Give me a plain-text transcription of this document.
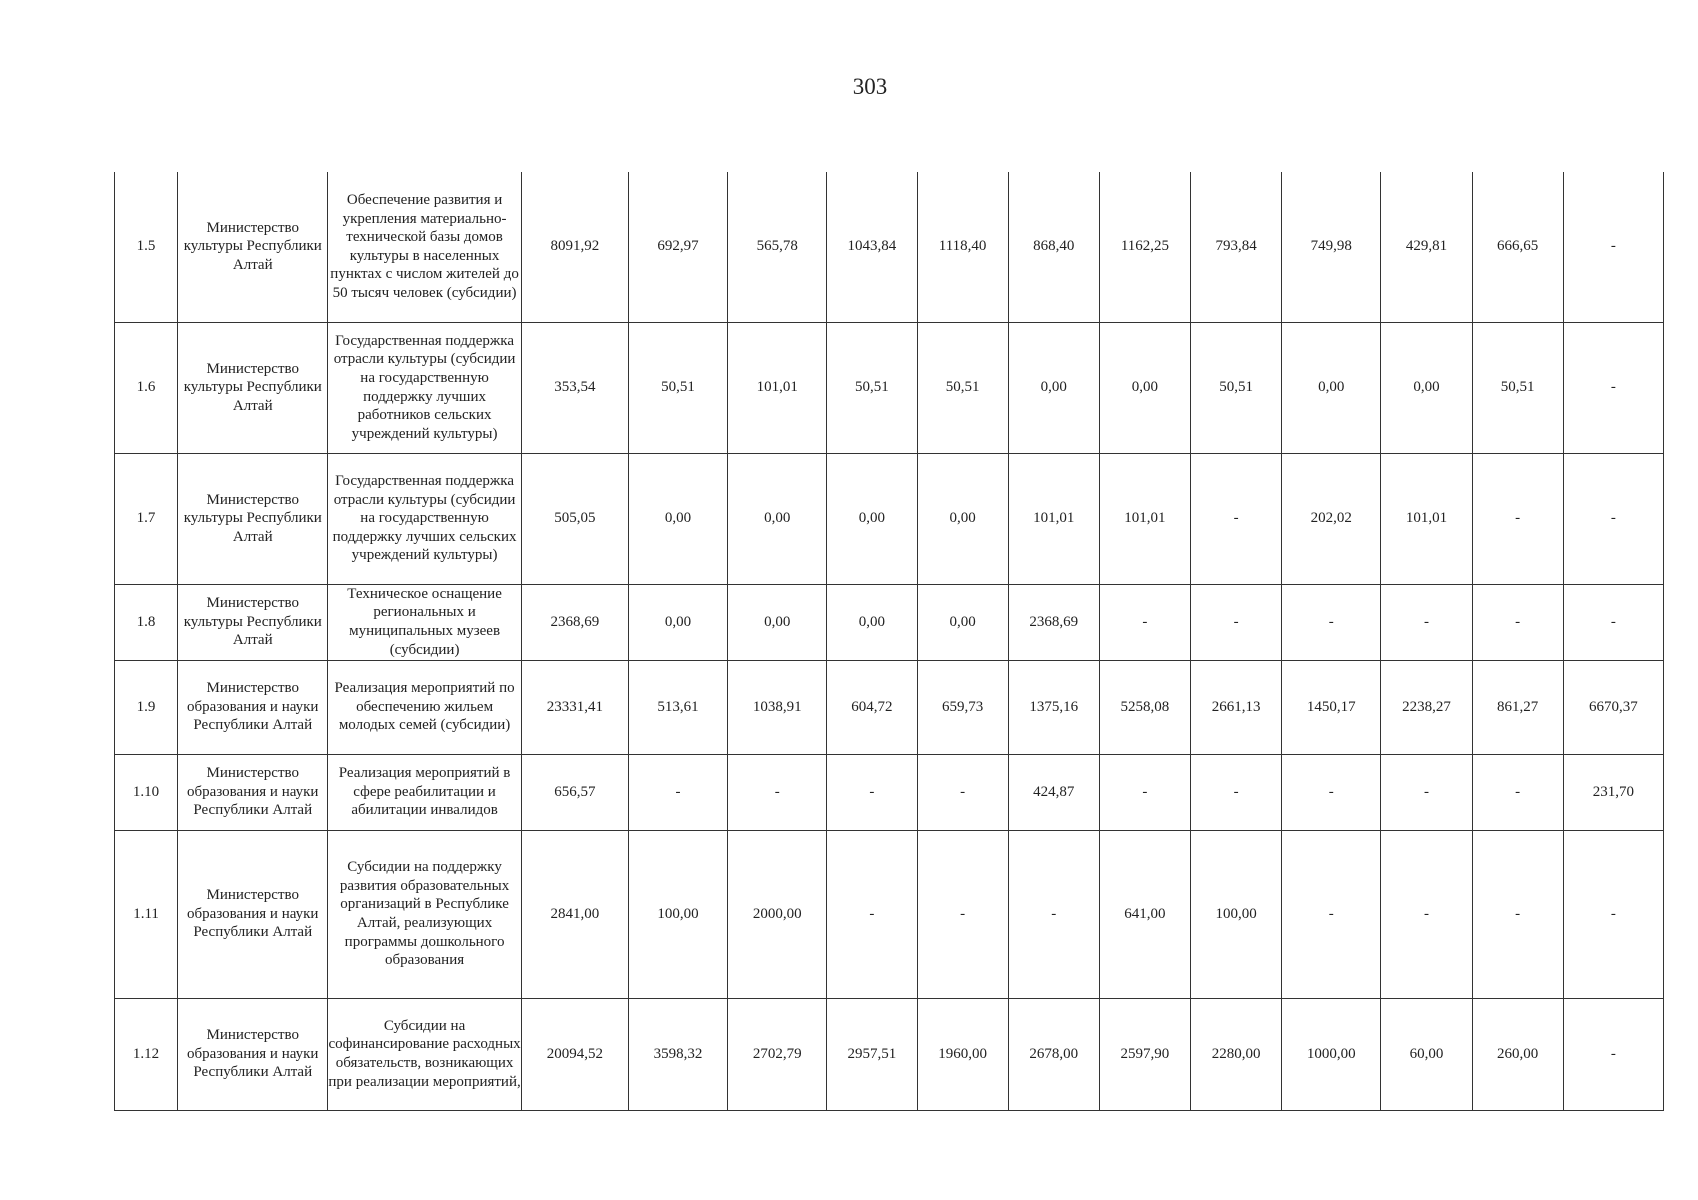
303
1.5	Министерство культуры Республики Алтай	Обеспечение развития и укрепления материально-технической базы домов культуры в населенных пунктах с числом жителей до 50 тысяч человек (субсидии)	8091,92	692,97	565,78	1043,84	1118,40	868,40	1162,25	793,84	749,98	429,81	666,65	-
1.6	Министерство культуры Республики Алтай	Государственная поддержка отрасли культуры (субсидии на государственную поддержку лучших работников сельских учреждений культуры)	353,54	50,51	101,01	50,51	50,51	0,00	0,00	50,51	0,00	0,00	50,51	-
1.7	Министерство культуры Республики Алтай	Государственная поддержка отрасли культуры (субсидии на государственную поддержку лучших сельских учреждений культуры)	505,05	0,00	0,00	0,00	0,00	101,01	101,01	-	202,02	101,01	-	-
1.8	Министерство культуры Республики Алтай	Техническое оснащение региональных и муниципальных музеев (субсидии)	2368,69	0,00	0,00	0,00	0,00	2368,69	-	-	-	-	-	-
1.9	Министерство образования и науки Республики Алтай	Реализация мероприятий по обеспечению жильем молодых семей (субсидии)	23331,41	513,61	1038,91	604,72	659,73	1375,16	5258,08	2661,13	1450,17	2238,27	861,27	6670,37
1.10	Министерство образования и науки Республики Алтай	Реализация мероприятий в сфере реабилитации и абилитации инвалидов	656,57	-	-	-	-	424,87	-	-	-	-	-	231,70
1.11	Министерство образования и науки Республики Алтай	Субсидии на поддержку развития образовательных организаций в Республике Алтай, реализующих программы дошкольного образования	2841,00	100,00	2000,00	-	-	-	641,00	100,00	-	-	-	-
1.12	Министерство образования и науки Республики Алтай	Субсидии на софинансирование расходных обязательств, возникающих при реализации мероприятий,	20094,52	3598,32	2702,79	2957,51	1960,00	2678,00	2597,90	2280,00	1000,00	60,00	260,00	-
